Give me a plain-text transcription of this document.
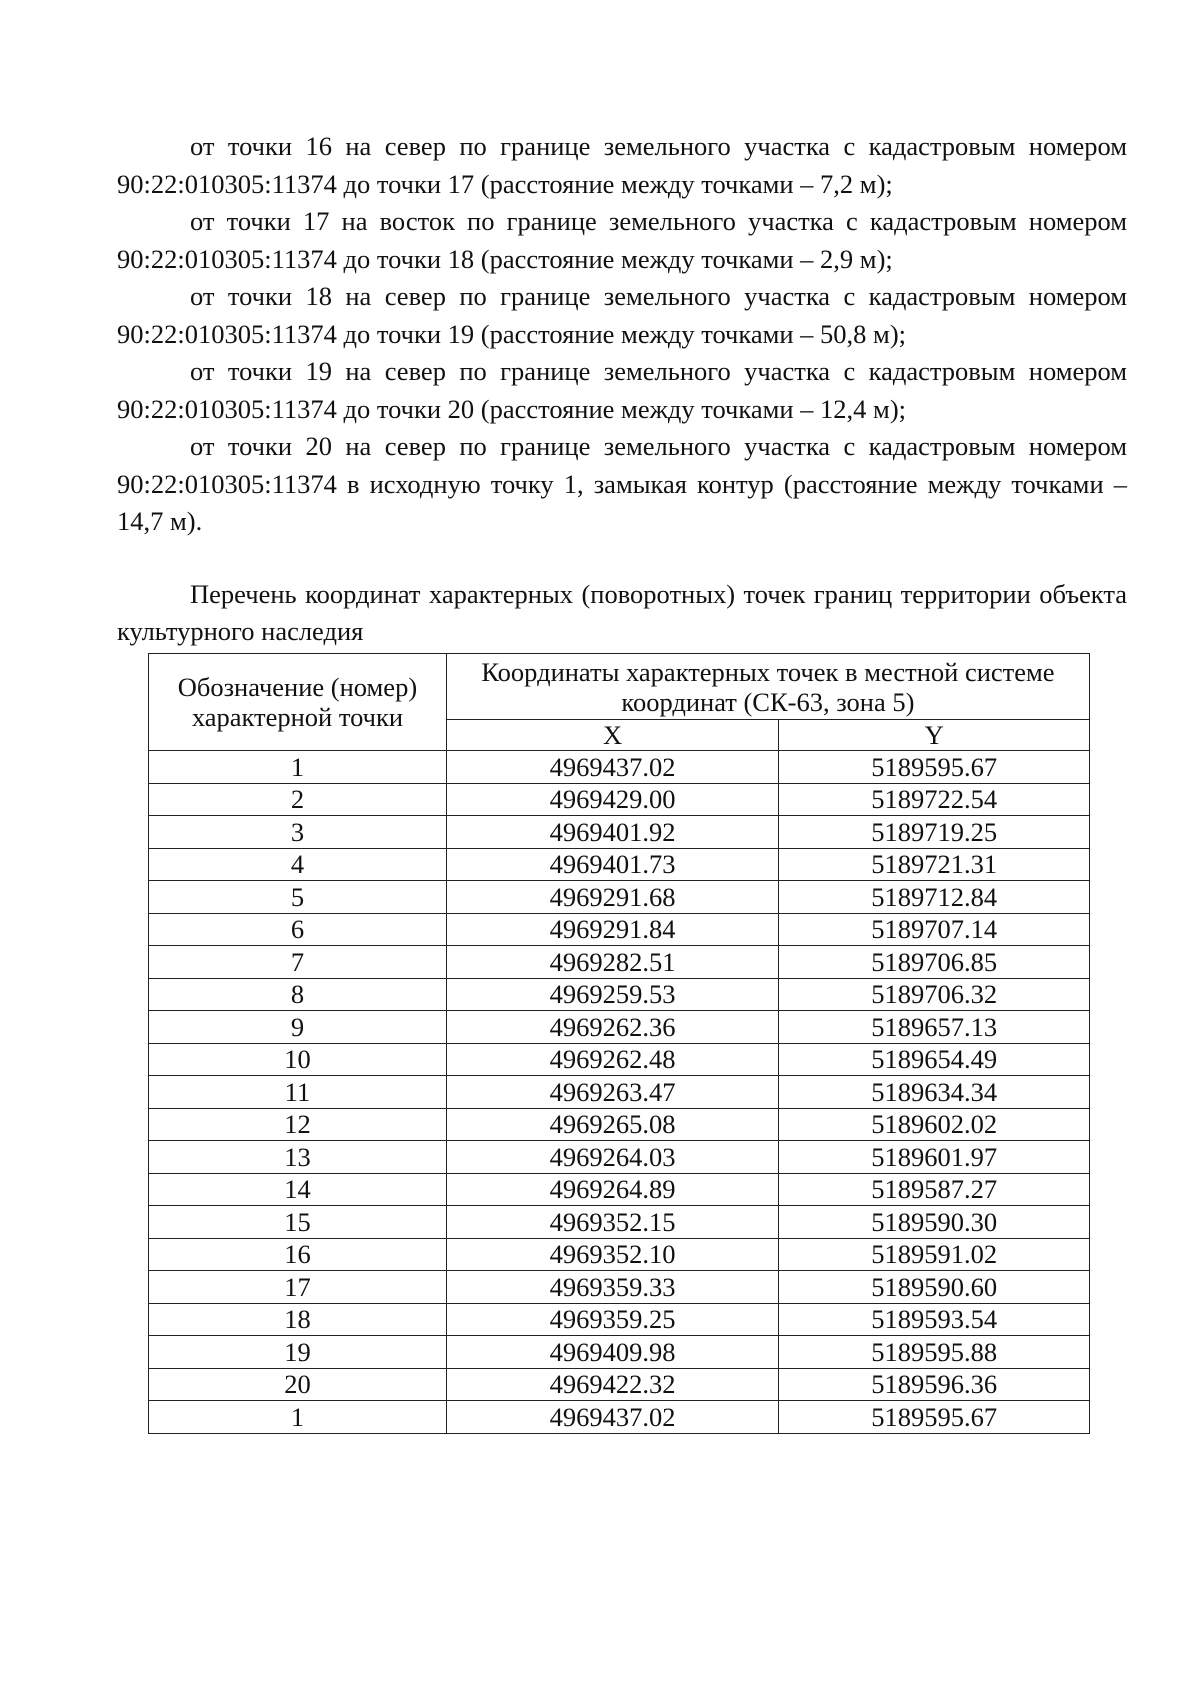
от точки 16 на север по границе земельного участка с кадастровым номером 90:22:010305:11374 до точки 17 (расстояние между точками – 7,2 м);

от точки 17 на восток по границе земельного участка с кадастровым номером 90:22:010305:11374 до точки 18 (расстояние между точками – 2,9 м);

от точки 18 на север по границе земельного участка с кадастровым номером 90:22:010305:11374 до точки 19 (расстояние между точками – 50,8 м);

от точки 19 на север по границе земельного участка с кадастровым номером 90:22:010305:11374 до точки 20 (расстояние между точками – 12,4 м);

от точки 20 на север по границе земельного участка с кадастровым номером 90:22:010305:11374 в исходную точку 1, замыкая контур (расстояние между точками – 14,7 м).

Перечень координат характерных (поворотных) точек границ территории объекта культурного наследия

Обозначение (номер) характерной точки	Координаты характерных точек в местной системе координат (СК-63, зона 5)	
	X	Y
1	4969437.02	5189595.67
2	4969429.00	5189722.54
3	4969401.92	5189719.25
4	4969401.73	5189721.31
5	4969291.68	5189712.84
6	4969291.84	5189707.14
7	4969282.51	5189706.85
8	4969259.53	5189706.32
9	4969262.36	5189657.13
10	4969262.48	5189654.49
11	4969263.47	5189634.34
12	4969265.08	5189602.02
13	4969264.03	5189601.97
14	4969264.89	5189587.27
15	4969352.15	5189590.30
16	4969352.10	5189591.02
17	4969359.33	5189590.60
18	4969359.25	5189593.54
19	4969409.98	5189595.88
20	4969422.32	5189596.36
1	4969437.02	5189595.67
